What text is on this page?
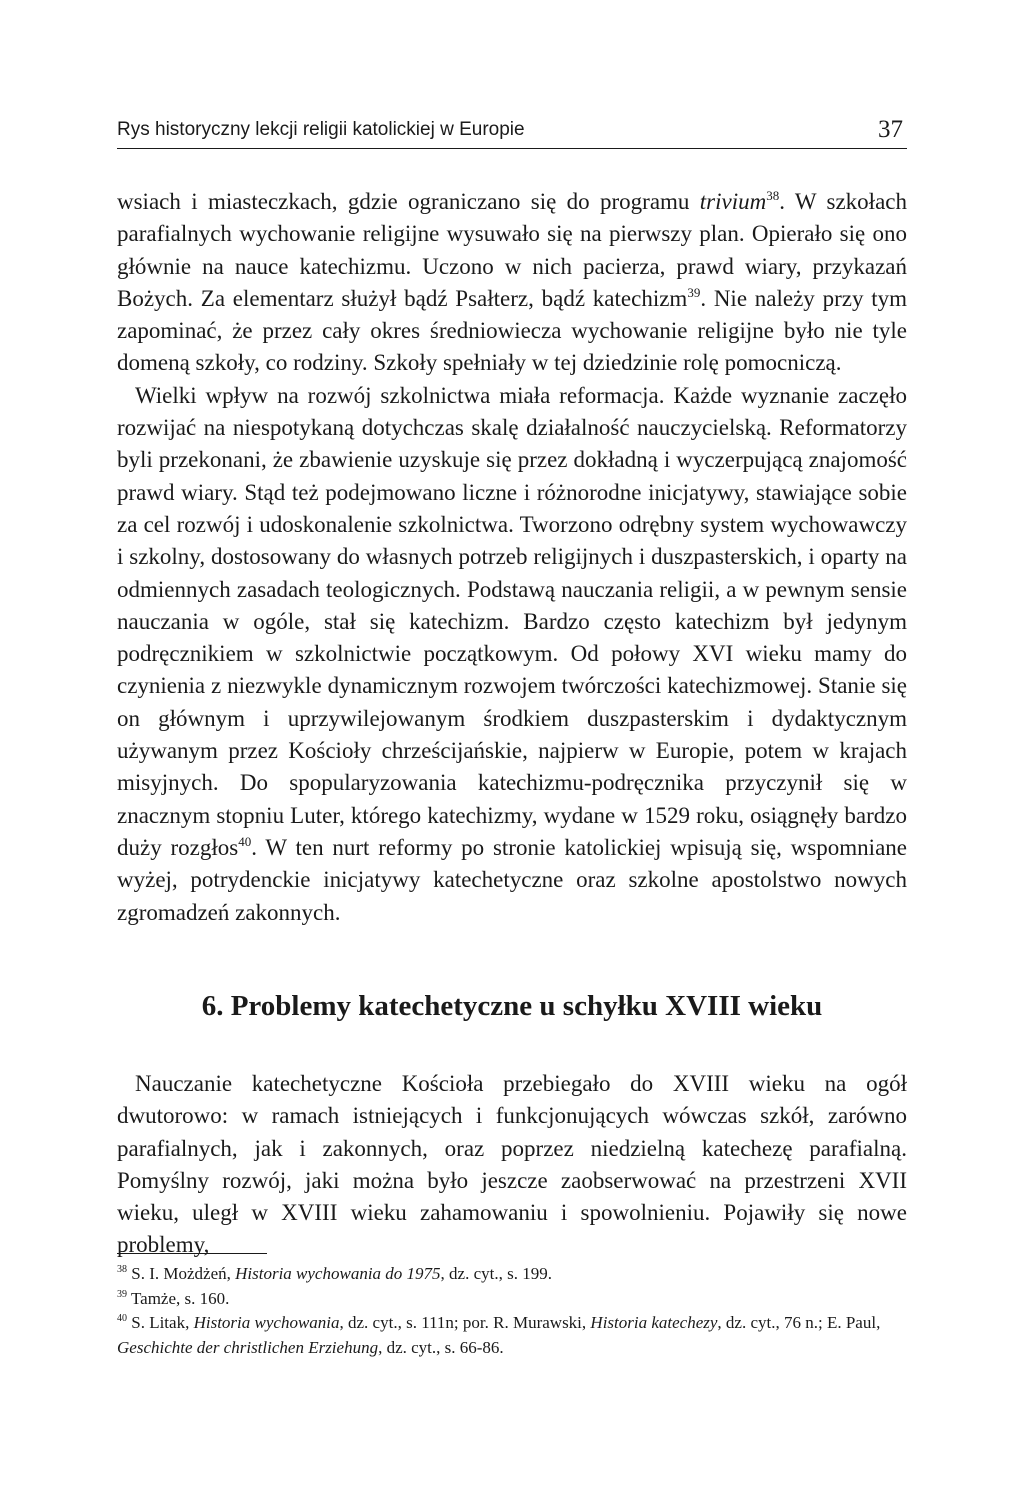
Rys historyczny lekcji religii katolickiej w Europie	37

wsiach i miasteczkach, gdzie ograniczano się do programu trivium$^{38}$. W szkołach parafialnych wychowanie religijne wysuwało się na pierwszy plan. Opierało się ono głównie na nauce katechizmu. Uczono w nich pacierza, prawd wiary, przykazań Bożych. Za elementarz służył bądź Psałterz, bądź katechizm$^{39}$. Nie należy przy tym zapominać, że przez cały okres średniowiecza wychowanie religijne było nie tyle domeną szkoły, co rodziny. Szkoły spełniały w tej dziedzinie rolę pomocniczą.

Wielki wpływ na rozwój szkolnictwa miała reformacja. Każde wyznanie zaczęło rozwijać na niespotykaną dotychczas skalę działalność nauczycielską. Reformatorzy byli przekonani, że zbawienie uzyskuje się przez dokładną i wyczerpującą znajomość prawd wiary. Stąd też podejmowano liczne i różnorodne inicjatywy, stawiające sobie za cel rozwój i udoskonalenie szkolnictwa. Tworzono odrębny system wychowawczy i szkolny, dostosowany do własnych potrzeb religijnych i duszpasterskich, i oparty na odmiennych zasadach teologicznych. Podstawą nauczania religii, a w pewnym sensie nauczania w ogóle, stał się katechizm. Bardzo często katechizm był jedynym podręcznikiem w szkolnictwie początkowym. Od połowy XVI wieku mamy do czynienia z niezwykle dynamicznym rozwojem twórczości katechizmowej. Stanie się on głównym i uprzywilejowanym środkiem duszpasterskim i dydaktycznym używanym przez Kościoły chrześcijańskie, najpierw w Europie, potem w krajach misyjnych. Do spopularyzowania katechizmu-podręcznika przyczynił się w znacznym stopniu Luter, którego katechizmy, wydane w 1529 roku, osiągnęły bardzo duży rozgłos$^{40}$. W ten nurt reformy po stronie katolickiej wpisują się, wspomniane wyżej, potrydenckie inicjatywy katechetyczne oraz szkolne apostolstwo nowych zgromadzeń zakonnych.

6. Problemy katechetyczne u schyłku XVIII wieku

Nauczanie katechetyczne Kościoła przebiegało do XVIII wieku na ogół dwutorowo: w ramach istniejących i funkcjonujących wówczas szkół, zarówno parafialnych, jak i zakonnych, oraz poprzez niedzielną katechezę parafialną. Pomyślny rozwój, jaki można było jeszcze zaobserwować na przestrzeni XVII wieku, uległ w XVIII wieku zahamowaniu i spowolnieniu. Pojawiły się nowe problemy,

$^{38}$ S. I. Możdżeń, Historia wychowania do 1975, dz. cyt., s. 199.

$^{39}$ Tamże, s. 160.

$^{40}$ S. Litak, Historia wychowania, dz. cyt., s. 111n; por. R. Murawski, Historia katechezy, dz. cyt., 76 n.; E. Paul, Geschichte der christlichen Erziehung, dz. cyt., s. 66-86.
